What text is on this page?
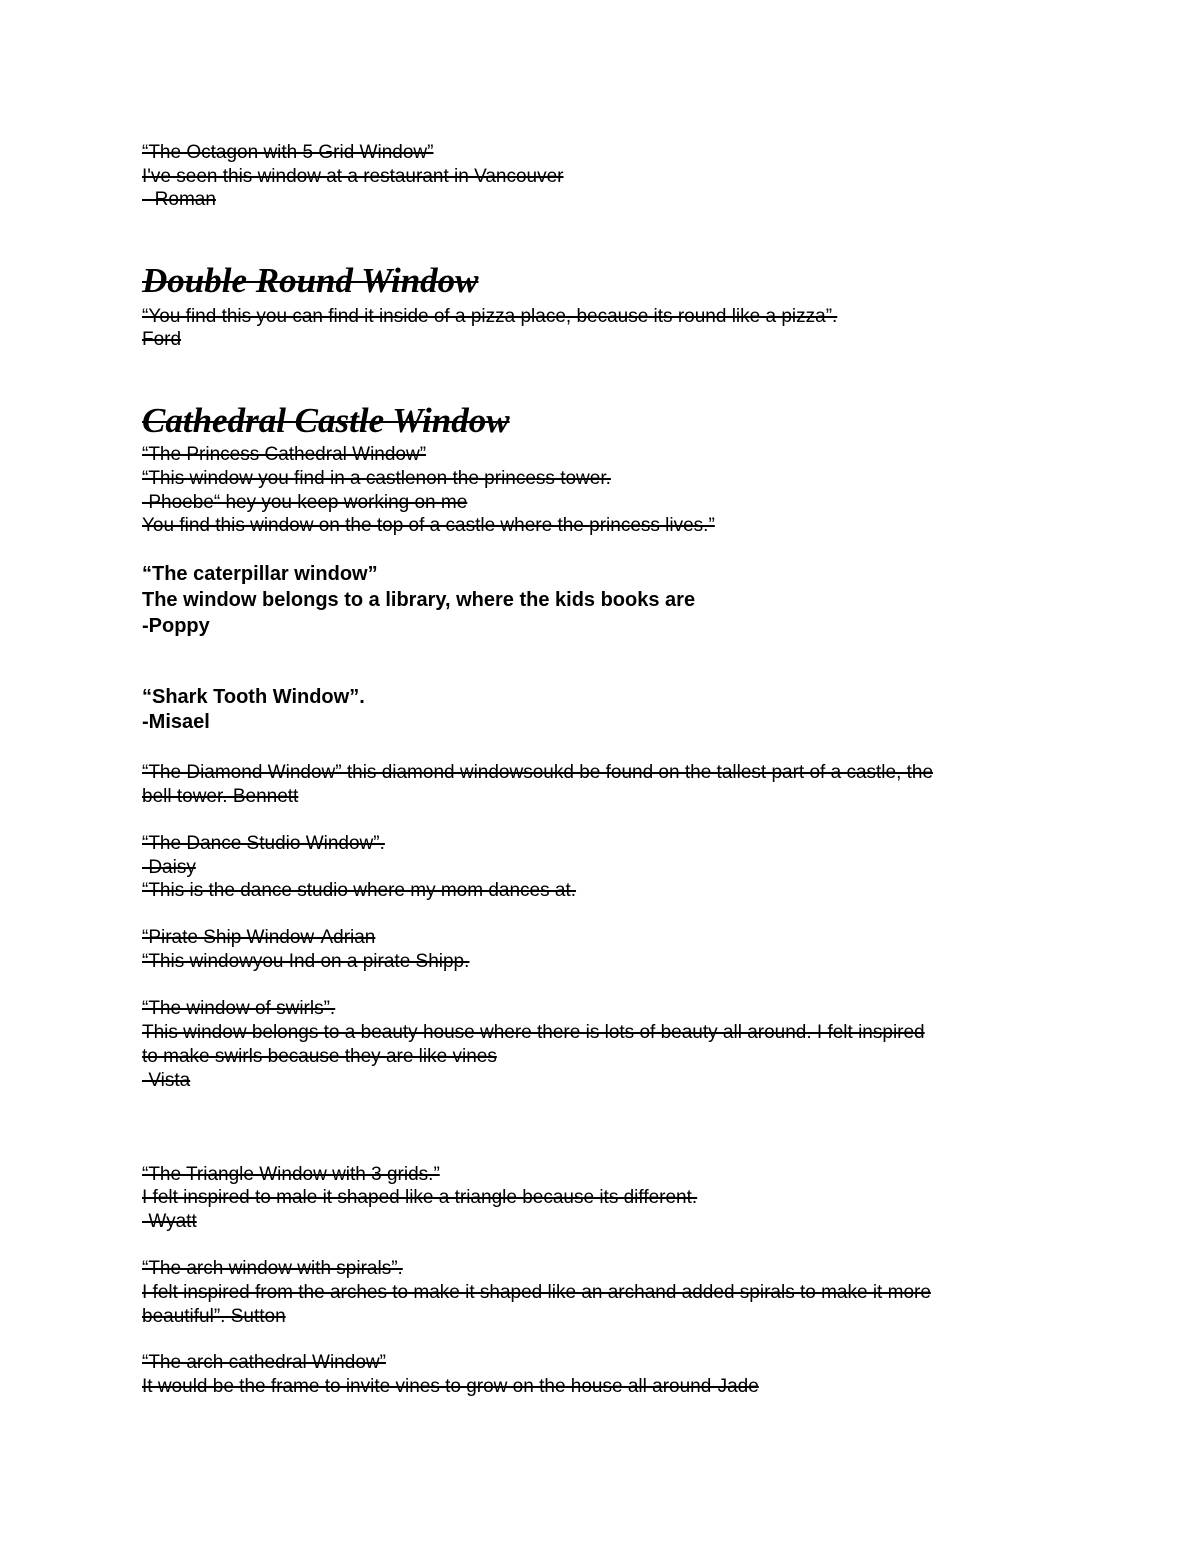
“The Octagon with 5 Grid Window”

I've seen this window at a restaurant in Vancouver

--Roman

Double Round Window

“You find this you can find it inside of a pizza place, because its round like a pizza”.

Ford

Cathedral Castle Window

“The Princess Cathedral Window”

“This window you find in a castlenon the princess tower.

-Phoebe“ hey you keep working on me

You find this window on the top of a castle where the princess lives.”

“The caterpillar window”

The window belongs to a library, where the kids books are

-Poppy

“Shark Tooth Window”.

-Misael

“The Diamond Window” this diamond windowsoukd be found on the tallest part of a castle, the

bell tower. Bennett

“The Dance Studio Window”.

-Daisy

“This is the dance studio where my mom dances at.

“Pirate Ship Window-Adrian

“This windowyou Ind on a pirate Shipp.

“The window of swirls”.

This window belongs to a beauty house where there is lots of beauty all around. I felt inspired

to make swirls because they are like vines

-Vista

“The Triangle Window with 3 grids.”

I felt inspired to male it shaped like a triangle because its different.

-Wyatt

“The arch window with spirals”.

I felt inspired from the arches to make it shaped like an archand added spirals to make it more

beautiful”. Sutton

“The arch cathedral Window”

It would be the frame to invite vines to grow on the house all around-Jade
